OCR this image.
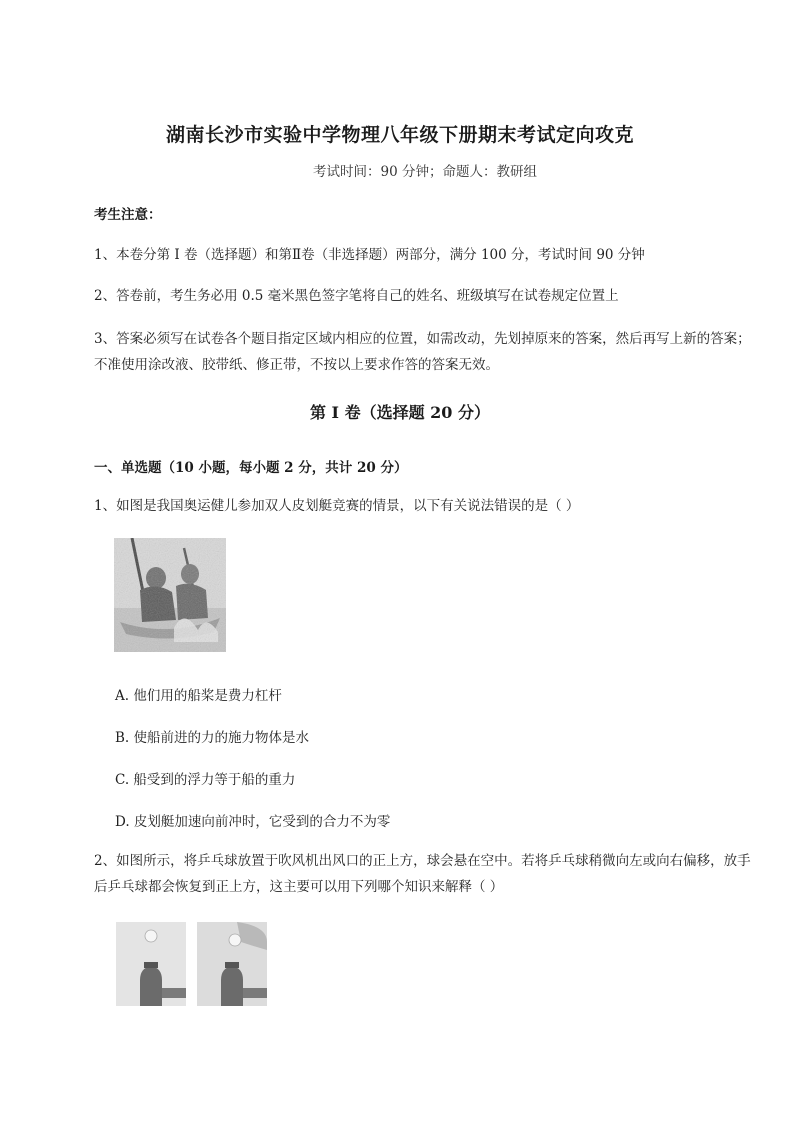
湖南长沙市实验中学物理八年级下册期末考试定向攻克
考试时间：90 分钟；命题人：教研组
考生注意：
1、本卷分第 I 卷（选择题）和第Ⅱ卷（非选择题）两部分，满分 100 分，考试时间 90 分钟
2、答卷前，考生务必用 0.5 毫米黑色签字笔将自己的姓名、班级填写在试卷规定位置上
3、答案必须写在试卷各个题目指定区域内相应的位置，如需改动，先划掉原来的答案，然后再写上新的答案；不准使用涂改液、胶带纸、修正带，不按以上要求作答的答案无效。
第 I 卷（选择题 20 分）
一、单选题（10 小题，每小题 2 分，共计 20 分）
1、如图是我国奥运健儿参加双人皮划艇竞赛的情景，以下有关说法错误的是（ ）
A. 他们用的船桨是费力杠杆
B. 使船前进的力的施力物体是水
C. 船受到的浮力等于船的重力
D. 皮划艇加速向前冲时，它受到的合力不为零
2、如图所示，将乒乓球放置于吹风机出风口的正上方，球会悬在空中。若将乒乓球稍微向左或向右偏移，放手后乒乓球都会恢复到正上方，这主要可以用下列哪个知识来解释（ ）
